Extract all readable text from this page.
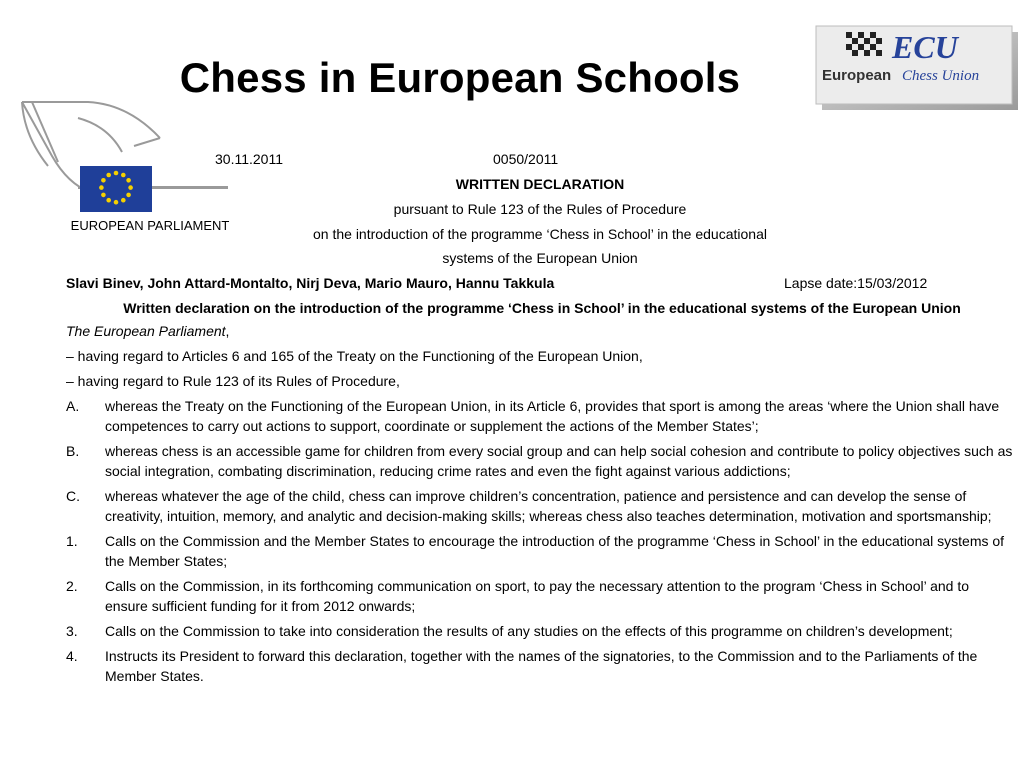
Chess in European Schools
ECU
European Chess Union
EUROPEAN PARLIAMENT
30.11.2011	0050/2011
WRITTEN DECLARATION
pursuant to Rule 123 of the Rules of Procedure
on the introduction of the programme ‘Chess in School’ in the educational
systems of the European Union
Slavi Binev, John Attard-Montalto, Nirj Deva, Mario Mauro, Hannu Takkula	Lapse date:15/03/2012
Written declaration on the introduction of the programme ‘Chess in School’ in the educational systems of the European Union

The European Parliament,

– having regard to Articles 6 and 165 of the Treaty on the Functioning of the European Union,

– having regard to Rule 123 of its Rules of Procedure,

A.	whereas the Treaty on the Functioning of the European Union, in its Article 6, provides that sport is among the areas ‘where the Union shall have competences to carry out actions to support, coordinate or supplement the actions of the Member States’;
B.	whereas chess is an accessible game for children from every social group and can help social cohesion and contribute to policy objectives such as social integration, combating discrimination, reducing crime rates and even the fight against various addictions;
C.	whereas whatever the age of the child, chess can improve children’s concentration, patience and persistence and can develop the sense of creativity, intuition, memory, and analytic and decision-making skills; whereas chess also teaches determination, motivation and sportsmanship;
1.	Calls on the Commission and the Member States to encourage the introduction of the programme ‘Chess in School’ in the educational systems of the Member States;
2.	Calls on the Commission, in its forthcoming communication on sport, to pay the necessary attention to the program ‘Chess in School’ and to ensure sufficient funding for it from 2012 onwards;
3.	Calls on the Commission to take into consideration the results of any studies on the effects of this programme on children’s development;
4.	Instructs its President to forward this declaration, together with the names of the signatories, to the Commission and to the Parliaments of the Member States.
